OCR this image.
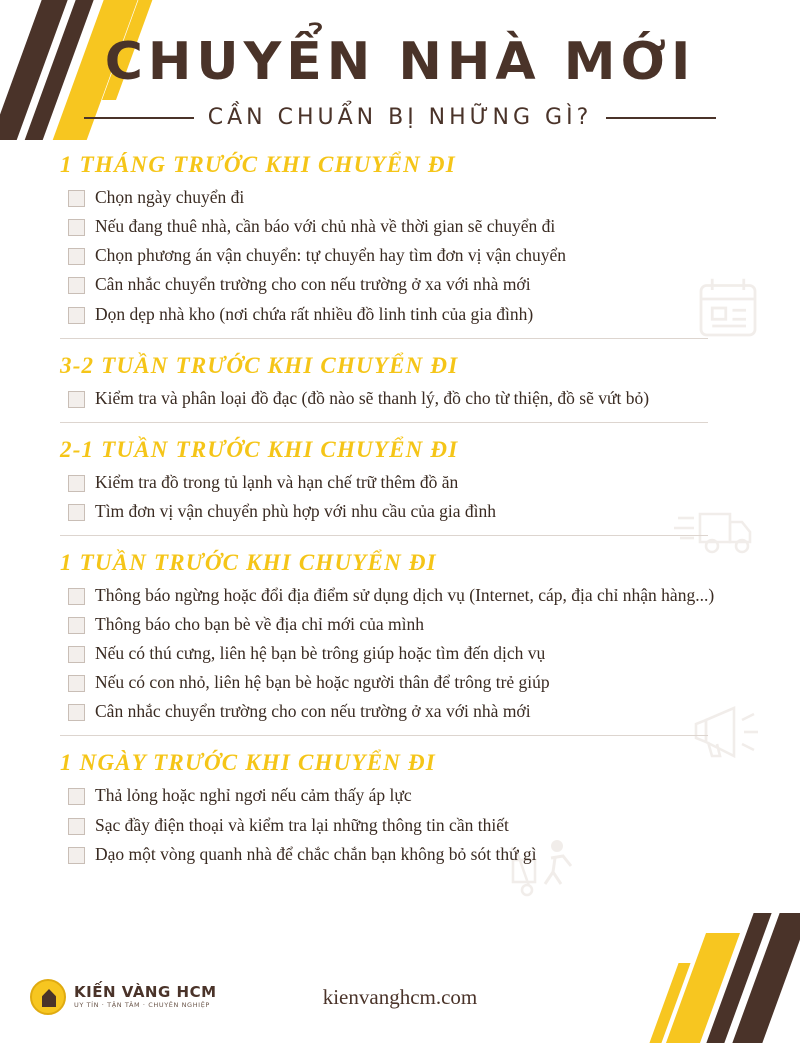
CHUYỂN NHÀ MỚI
CẦN CHUẨN BỊ NHỮNG GÌ?
1 THÁNG TRƯỚC KHI CHUYỂN ĐI
Chọn ngày chuyển đi
Nếu đang thuê nhà, cần báo với chủ nhà về thời gian sẽ chuyển đi
Chọn phương án vận chuyển: tự chuyển hay tìm đơn vị vận chuyển
Cân nhắc chuyển trường cho con nếu trường ở xa với nhà mới
Dọn dẹp nhà kho (nơi chứa rất nhiều đồ linh tinh của gia đình)
3-2 TUẦN TRƯỚC KHI CHUYỂN ĐI
Kiểm tra và phân loại đồ đạc (đồ nào sẽ thanh lý, đồ cho từ thiện, đồ sẽ vứt bỏ)
2-1 TUẦN TRƯỚC KHI CHUYỂN ĐI
Kiểm tra đồ trong tủ lạnh và hạn chế trữ thêm đồ ăn
Tìm đơn vị vận chuyển phù hợp với nhu cầu của gia đình
1 TUẦN TRƯỚC KHI CHUYỂN ĐI
Thông báo ngừng hoặc đổi địa điểm sử dụng dịch vụ (Internet, cáp, địa chỉ nhận hàng...)
Thông báo cho bạn bè về địa chỉ mới của mình
Nếu có thú cưng, liên hệ bạn bè trông giúp hoặc tìm đến dịch vụ
Nếu có con nhỏ, liên hệ bạn bè hoặc người thân để trông trẻ giúp
Cân nhắc chuyển trường cho con nếu trường ở xa với nhà mới
1 NGÀY TRƯỚC KHI CHUYỂN ĐI
Thả lỏng hoặc nghỉ ngơi nếu cảm thấy áp lực
Sạc đầy điện thoại và kiểm tra lại những thông tin cần thiết
Dạo một vòng quanh nhà để chắc chắn bạn không bỏ sót thứ gì
KIẾN VÀNG HCM
UY TÍN · TẬN TÂM · CHUYÊN NGHIỆP	kienvanghcm.com
